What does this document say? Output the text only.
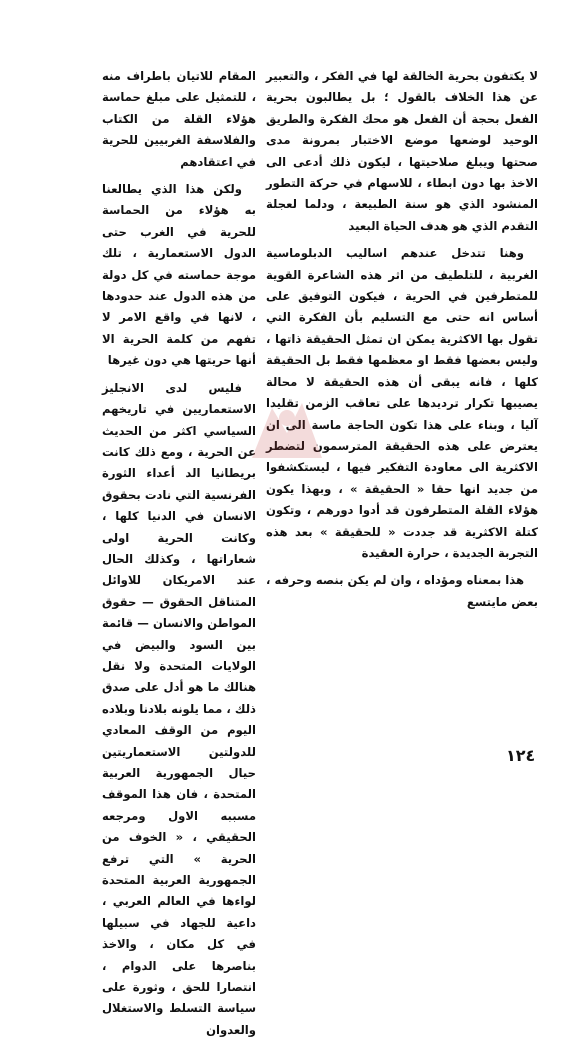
لا يكتفون بحرية الخالقة لها في الفكر ، والتعبير عن هذا الخلاف بالقول ؛ بل يطالبون بحرية الفعل بحجة أن الفعل هو محك الفكرة والطريق الوحيد لوضعها موضع الاختبار بمرونة مدى صحتها ويبلغ صلاحيتها ، ليكون ذلك أدعى الى الاخذ بها دون ابطاء ، للاسهام في حركة التطور المنشود الذي هو سنة الطبيعة ، ودلما لعجلة التقدم الذي هو هدف الحياة البعيد

وهنا تتدخل عندهم اساليب الدبلوماسية الغربية ، للتلطيف من اثر هذه الشاعرة القوية للمتطرفين في الحرية ، فيكون التوفيق على أساس انه حتى مع التسليم بأن الفكرة التي تقول بها الاكثرية يمكن ان تمثل الحقيقة ذاتها ، وليس بعضها فقط او معظمها فقط بل الحقيقة كلها ، فانه يبقى أن هذه الحقيقة لا محالة يصيبها تكرار ترديدها على تعاقب الزمن تقليدا آليا ، وبناء على هذا تكون الحاجة ماسة الى ان يعترض على هذه الحقيقة المترسمون لتضطر الاكثرية الى معاودة التفكير فيها ، ليستكشفوا من جديد انها حقا « الحقيقة » ، وبهذا يكون هؤلاء القلة المتطرفون قد أدوا دورهم ، وتكون كتلة الاكثرية قد جددت « للحقيقة » بعد هذه التجربة الجديدة ، حرارة العقيدة

هذا بمعناه ومؤداه ، وان لم يكن بنصه وحرفه ، بعض مايتسع

المقام للاتيان باطراف منه ، للتمثيل على مبلغ حماسة هؤلاء القلة من الكتاب والفلاسفة الغربيين للحرية في اعتقادهم

ولكن هذا الذي يطالعنا به هؤلاء من الحماسة للحرية في الغرب حتى الدول الاستعمارية ، تلك موجة حماسته في كل دولة من هذه الدول عند حدودها ، لانها في واقع الامر لا تفهم من كلمة الحرية الا أنها حريتها هي دون غيرها

فليس لدى الانجليز الاستعماريين في تاريخهم السياسي اكثر من الحديث عن الحرية ، ومع ذلك كانت بريطانيا الد أعداء الثورة الفرنسية التي نادت بحقوق الانسان في الدنيا كلها ، وكانت الحرية اولى شعاراتها ، وكذلك الحال عند الامريكان للاوائل المتناقل الحقوق — حقوق المواطن والانسان — قائمة بين السود والبيض في الولايات المتحدة ولا نقل هنالك ما هو أدل على صدق ذلك ، مما يلونه بلادنا وبلاده اليوم من الوقف المعادي للدولتين الاستعماريتين حيال الجمهورية العربية المتحدة ، فان هذا الموقف مسببه الاول ومرجعه الحقيقي ، « الخوف من الحرية » التي ترفع الجمهورية العربية المتحدة لواءها في العالم العربي ، داعية للجهاد في سبيلها في كل مكان ، والاخذ بناصرها على الدوام ، انتصارا للحق ، وثورة على سياسة التسلط والاستغلال والعدوان

١٢٤
